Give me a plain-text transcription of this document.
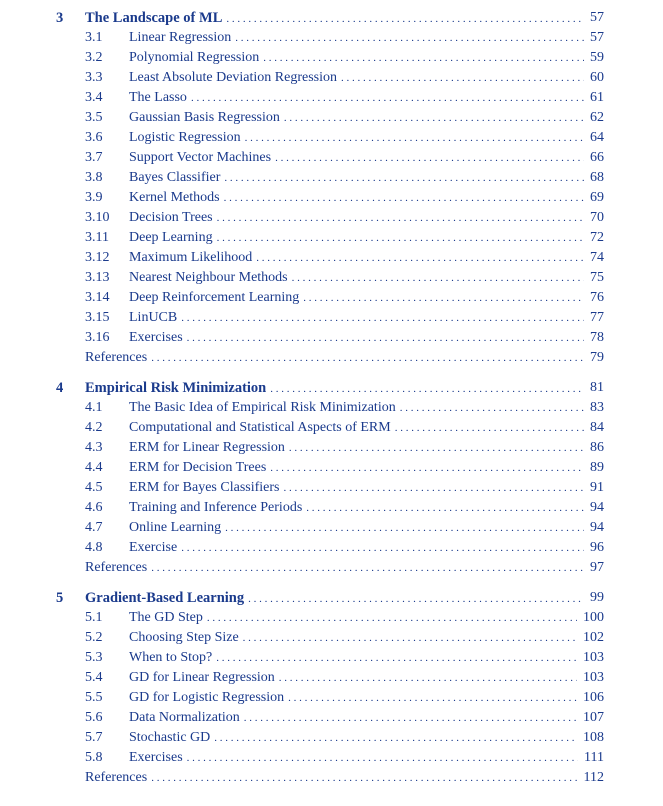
3 The Landscape of ML . . .	57
3.1 Linear Regression . . .	57
3.2 Polynomial Regression . . .	59
3.3 Least Absolute Deviation Regression . . .	60
3.4 The Lasso . . .	61
3.5 Gaussian Basis Regression . . .	62
3.6 Logistic Regression . . .	64
3.7 Support Vector Machines . . .	66
3.8 Bayes Classifier . . .	68
3.9 Kernel Methods . . .	69
3.10 Decision Trees . . .	70
3.11 Deep Learning . . .	72
3.12 Maximum Likelihood . . .	74
3.13 Nearest Neighbour Methods . . .	75
3.14 Deep Reinforcement Learning . . .	76
3.15 LinUCB . . .	77
3.16 Exercises . . .	78
References . . .	79
4 Empirical Risk Minimization . . .	81
4.1 The Basic Idea of Empirical Risk Minimization . . .	83
4.2 Computational and Statistical Aspects of ERM . . .	84
4.3 ERM for Linear Regression . . .	86
4.4 ERM for Decision Trees . . .	89
4.5 ERM for Bayes Classifiers . . .	91
4.6 Training and Inference Periods . . .	94
4.7 Online Learning . . .	94
4.8 Exercise . . .	96
References . . .	97
5 Gradient-Based Learning . . .	99
5.1 The GD Step . . .	100
5.2 Choosing Step Size . . .	102
5.3 When to Stop? . . .	103
5.4 GD for Linear Regression . . .	103
5.5 GD for Logistic Regression . . .	106
5.6 Data Normalization . . .	107
5.7 Stochastic GD . . .	108
5.8 Exercises . . .	111
References . . .	112
